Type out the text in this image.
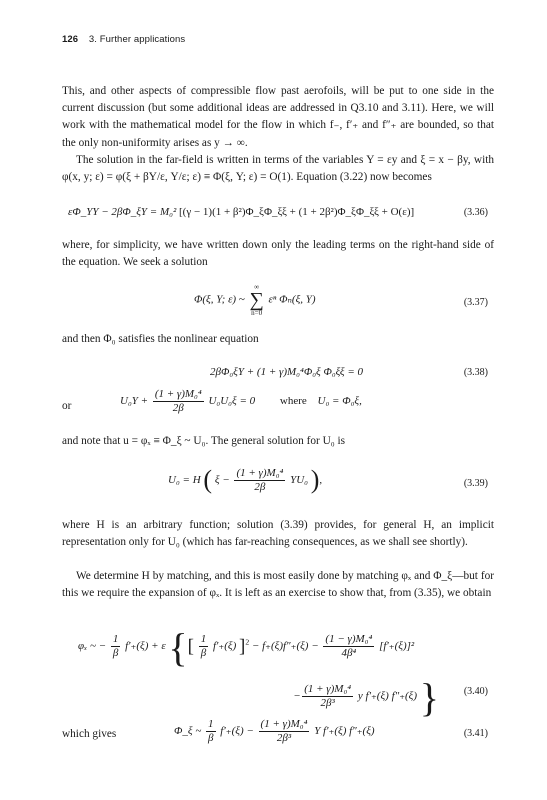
126 3. Further applications

This, and other aspects of compressible flow past aerofoils, will be put to one side in the current discussion (but some additional ideas are addressed in Q3.10 and 3.11). Here, we will work with the mathematical model for the flow in which f₋, f′₊ and f″₊ are bounded, so that the only non-uniformity arises as y → ∞.

The solution in the far-field is written in terms of the variables Y = εy and ξ = x − βy, with φ(x, y; ε) = φ(ξ + βY/ε, Y/ε; ε) ≡ Φ(ξ, Y; ε) = O(1). Equation (3.22) now becomes

εΦ_YY − 2βΦ_ξY = M₀² [(γ − 1)(1 + β²)Φ_ξΦ_ξξ + (1 + 2β²)Φ_ξΦ_ξξ + O(ε)]	(3.36)

where, for simplicity, we have written down only the leading terms on the right-hand side of the equation. We seek a solution

Φ(ξ, Y; ε) ~
∞
∑
n=0
εⁿ Φₙ(ξ, Y)	(3.37)

and then Φ₀ satisfies the nonlinear equation

2βΦ₀ξY + (1 + γ)M₀⁴Φ₀ξ Φ₀ξξ = 0	(3.38)
or	$U_0Y + \frac{\text{(1 + γ)M₀⁴}}{2\beta} U_0U_0\xi = 0$ where U₀ = Φ₀ξ,

and note that u = φₓ ≡ Φ_ξ ~ U₀. The general solution for U₀ is

U₀ = H ( $\xi - \frac{\text{(1 + γ)M₀⁴}}{2\beta} YU_0$ ),	(3.39)

where H is an arbitrary function; solution (3.39) provides, for general H, an implicit representation only for U₀ (which has far-reaching consequences, as we shall see shortly).

We determine H by matching, and this is most easily done by matching φₓ and Φ_ξ—but for this we require the expansion of φₓ. It is left as an exercise to show that, from (3.35), we obtain

φₓ ~ − $\frac{1}{\beta} f'_+(\xi) + \varepsilon$ {[ $\frac{1}{\beta} f'_+(\xi) ]^2 - f_+(\xi)f''_+(\xi) - \frac{\text{(1 − γ)M₀⁴}}{\text{4β⁴}} [f'_+(\xi)]^2$
− $\frac{\text{(1 + γ)M₀⁴}}{\text{2β³}}$ y f′₊(ξ) f″₊(ξ) } (3.40)
which gives	Φ_ξ ~ $\frac{1}{\beta} f'_+(\xi) - \frac{\text{(1 + γ)M₀⁴}}{\text{2β³}}$ Y f′₊(ξ) f″₊(ξ)	(3.41)
